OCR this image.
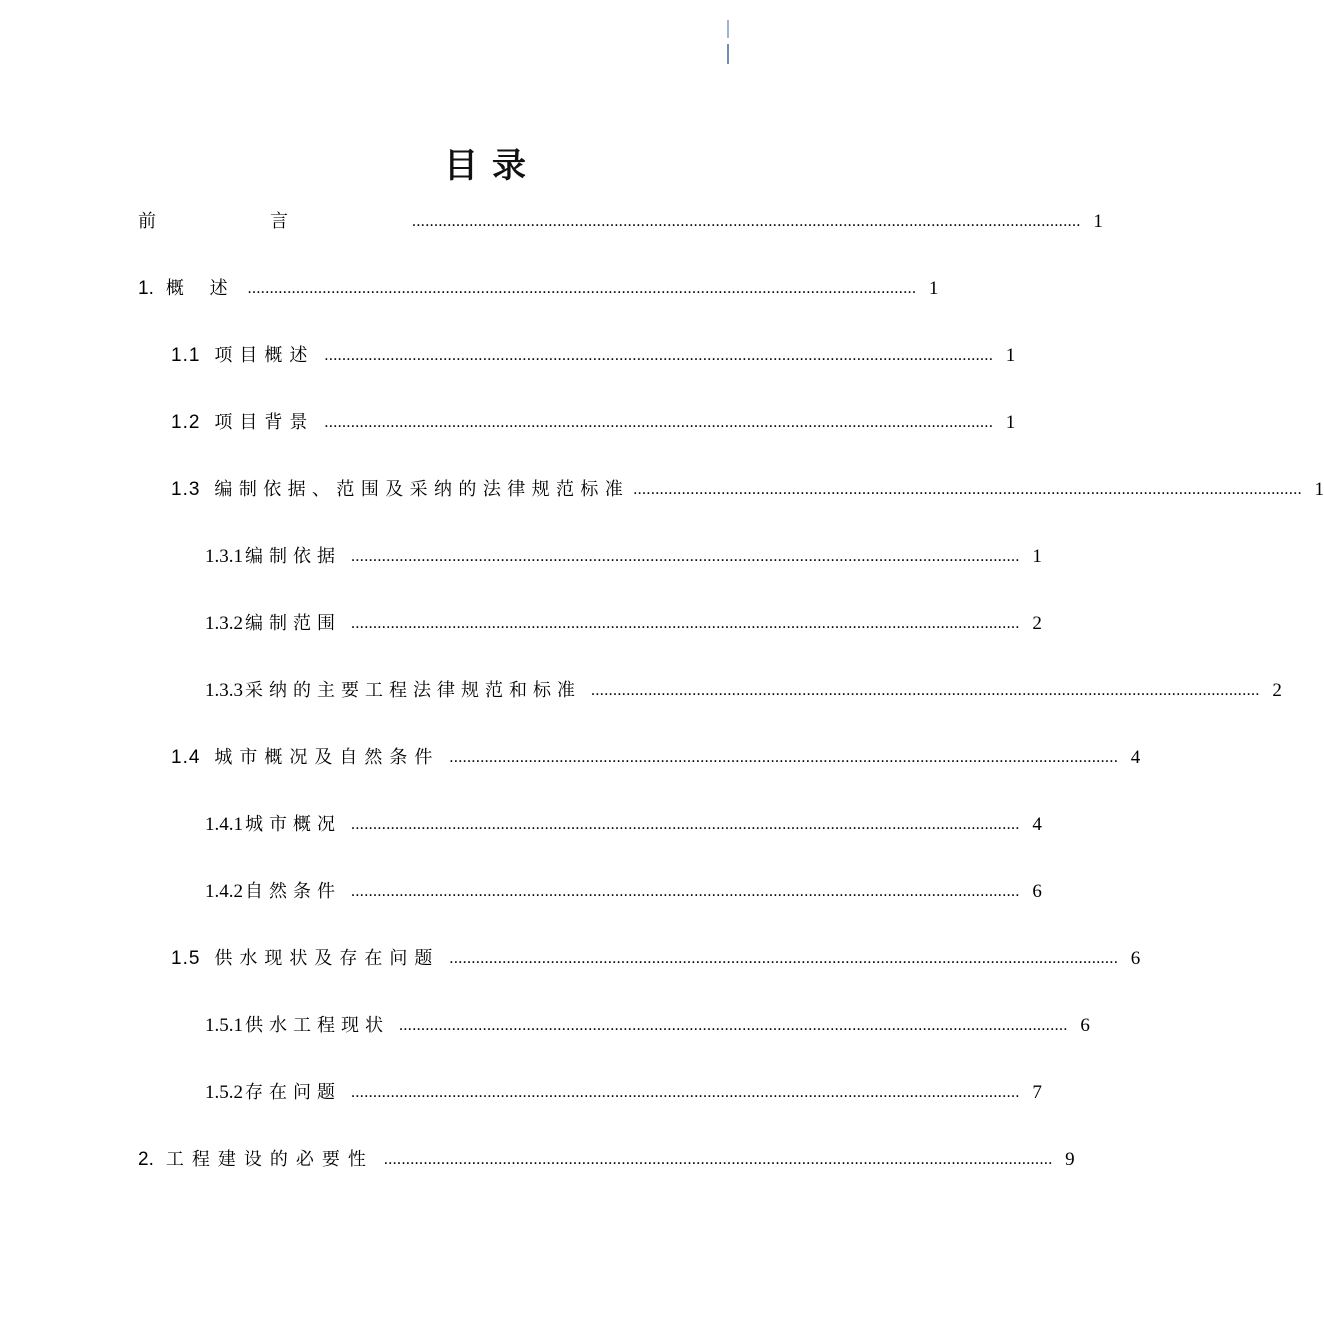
目录
前言 ........................................................................................................................................................ 1
1. 概 述 ........................................................................................................................................................ 1
1.1 项目概述 ........................................................................................................................................................ 1
1.2 项目背景 ........................................................................................................................................................ 1
1.3 编制依据、范围及采纳的法律规范标准 ........................................................................................................................................................ 1
1.3.1 编制依据 ........................................................................................................................................................ 1
1.3.2 编制范围 ........................................................................................................................................................ 2
1.3.3 采纳的主要工程法律规范和标准 ........................................................................................................................................................ 2
1.4 城市概况及自然条件 ........................................................................................................................................................ 4
1.4.1 城市概况 ........................................................................................................................................................ 4
1.4.2 自然条件 ........................................................................................................................................................ 6
1.5 供水现状及存在问题 ........................................................................................................................................................ 6
1.5.1 供水工程现状 ........................................................................................................................................................ 6
1.5.2 存在问题 ........................................................................................................................................................ 7
2. 工程建设的必要性 ........................................................................................................................................................ 9
